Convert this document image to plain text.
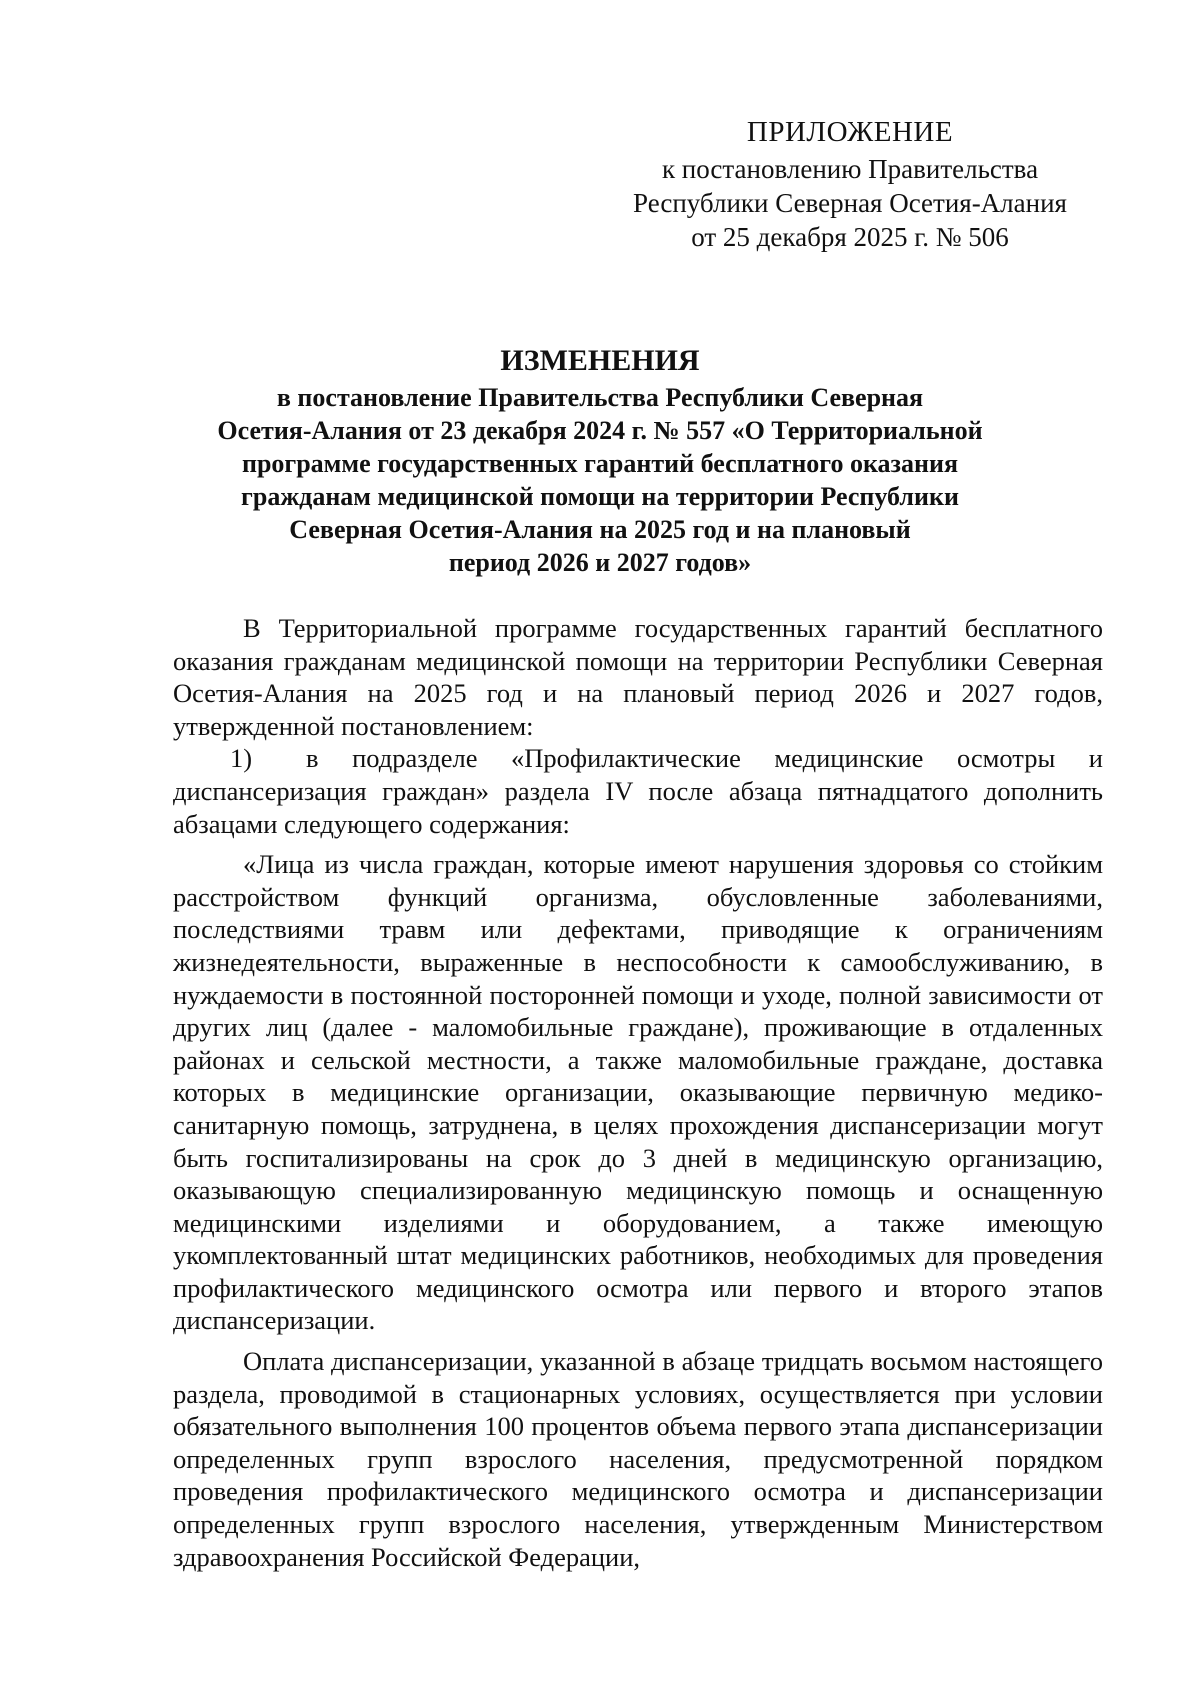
ПРИЛОЖЕНИЕ
к постановлению Правительства
Республики Северная Осетия-Алания
от 25 декабря 2025 г. № 506
ИЗМЕНЕНИЯ
в постановление Правительства Республики Северная
Осетия-Алания от 23 декабря 2024 г. № 557 «О Территориальной
программе государственных гарантий бесплатного оказания
гражданам медицинской помощи на территории Республики
Северная Осетия-Алания на 2025 год и на плановый
период 2026 и 2027 годов»

В Территориальной программе государственных гарантий бесплатного оказания гражданам медицинской помощи на территории Республики Северная Осетия-Алания на 2025 год и на плановый период 2026 и 2027 годов, утвержденной постановлением:

1) в подразделе «Профилактические медицинские осмотры и диспансеризация граждан» раздела IV после абзаца пятнадцатого дополнить абзацами следующего содержания:

«Лица из числа граждан, которые имеют нарушения здоровья со стойким расстройством функций организма, обусловленные заболеваниями, последствиями травм или дефектами, приводящие к ограничениям жизнедеятельности, выраженные в неспособности к самообслуживанию, в нуждаемости в постоянной посторонней помощи и уходе, полной зависимости от других лиц (далее - маломобильные граждане), проживающие в отдаленных районах и сельской местности, а также маломобильные граждане, доставка которых в медицинские организации, оказывающие первичную медико-санитарную помощь, затруднена, в целях прохождения диспансеризации могут быть госпитализированы на срок до 3 дней в медицинскую организацию, оказывающую специализированную медицинскую помощь и оснащенную медицинскими изделиями и оборудованием, а также имеющую укомплектованный штат медицинских работников, необходимых для проведения профилактического медицинского осмотра или первого и второго этапов диспансеризации.

Оплата диспансеризации, указанной в абзаце тридцать восьмом настоящего раздела, проводимой в стационарных условиях, осуществляется при условии обязательного выполнения 100 процентов объема первого этапа диспансеризации определенных групп взрослого населения, предусмотренной порядком проведения профилактического медицинского осмотра и диспансеризации определенных групп взрослого населения, утвержденным Министерством здравоохранения Российской Федерации,
